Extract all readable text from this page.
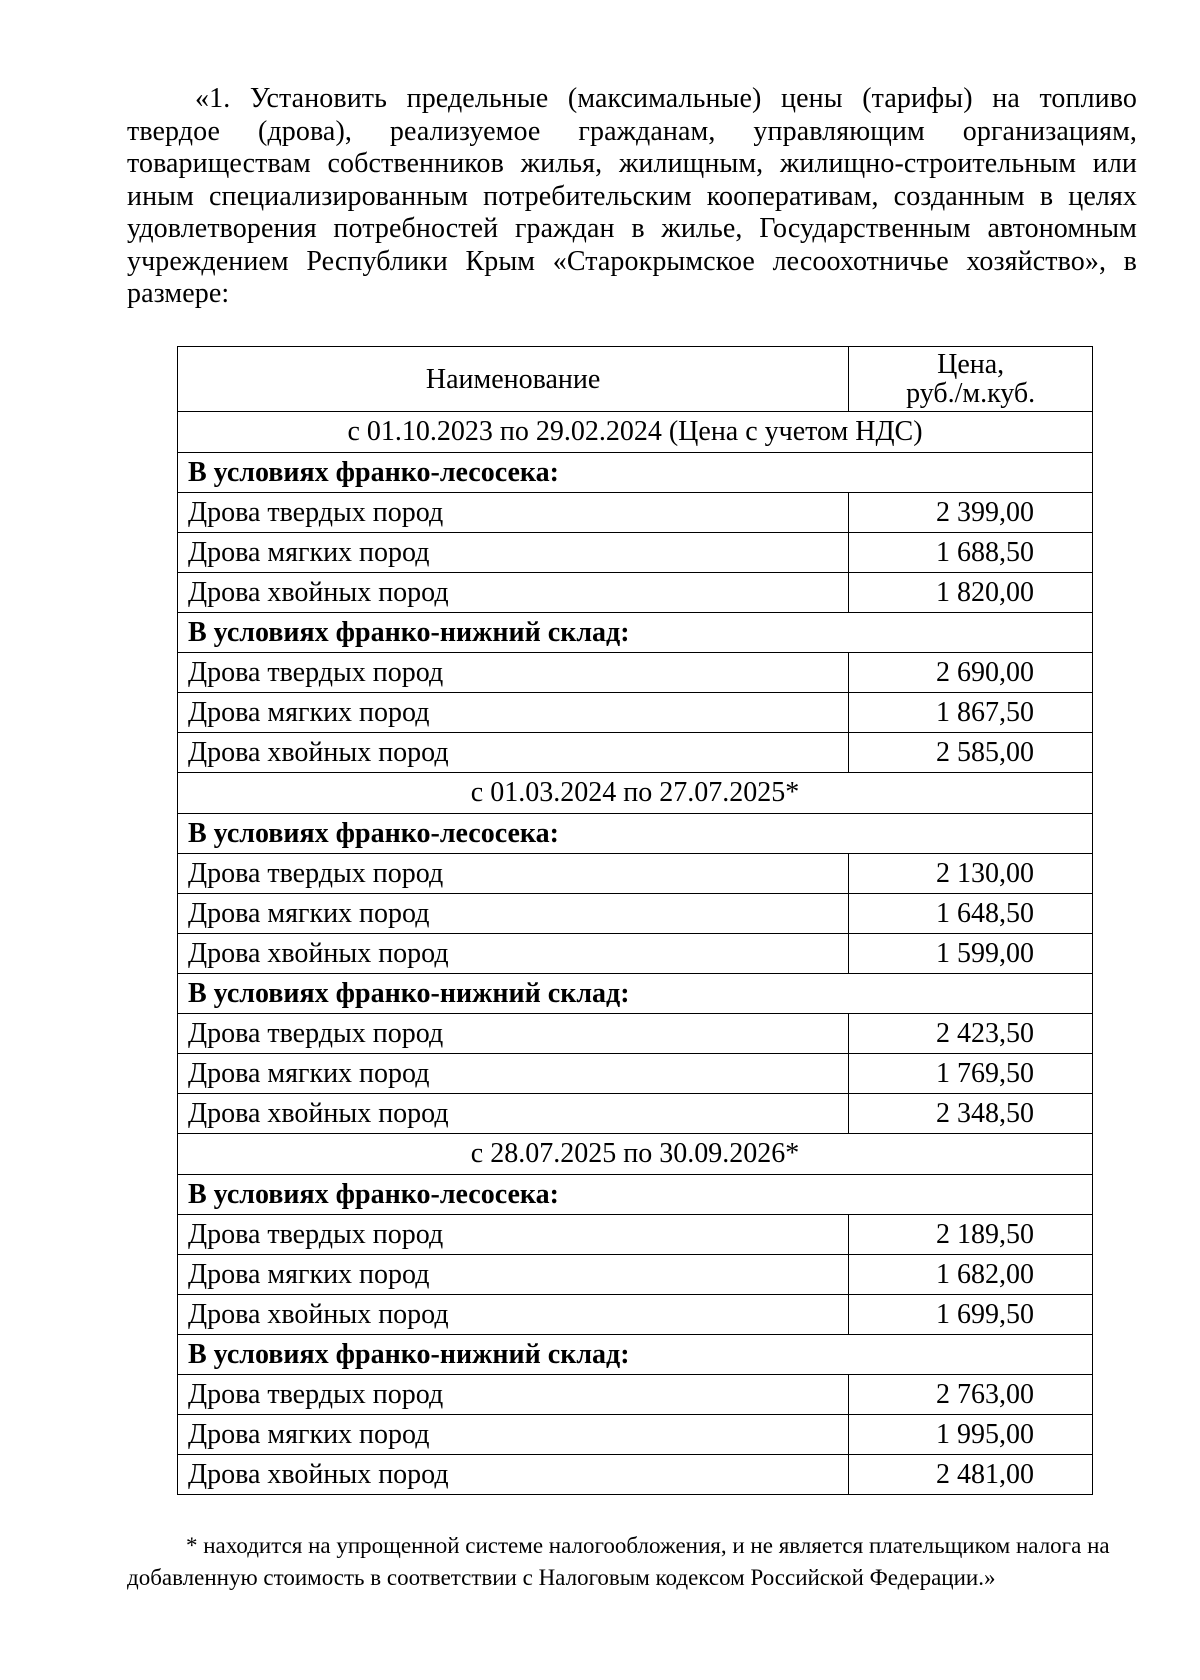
«1. Установить предельные (максимальные) цены (тарифы) на топливо твердое (дрова), реализуемое гражданам, управляющим организациям, товариществам собственников жилья, жилищным, жилищно-строительным или иным специализированным потребительским кооперативам, созданным в целях удовлетворения потребностей граждан в жилье, Государственным автономным учреждением Республики Крым «Старокрымское лесоохотничье хозяйство», в размере:
Наименование	Цена,
руб./м.куб.

с 01.10.2023 по 29.02.2024 (Цена с учетом НДС)	
В условиях франко-лесосека:	
Дрова твердых пород	2 399,00
Дрова мягких пород	1 688,50
Дрова хвойных пород	1 820,00
В условиях франко-нижний склад:	
Дрова твердых пород	2 690,00
Дрова мягких пород	1 867,50
Дрова хвойных пород	2 585,00
с 01.03.2024 по 27.07.2025*	
В условиях франко-лесосека:	
Дрова твердых пород	2 130,00
Дрова мягких пород	1 648,50
Дрова хвойных пород	1 599,00
В условиях франко-нижний склад:	
Дрова твердых пород	2 423,50
Дрова мягких пород	1 769,50
Дрова хвойных пород	2 348,50
с 28.07.2025 по 30.09.2026*	
В условиях франко-лесосека:	
Дрова твердых пород	2 189,50
Дрова мягких пород	1 682,00
Дрова хвойных пород	1 699,50
В условиях франко-нижний склад:	
Дрова твердых пород	2 763,00
Дрова мягких пород	1 995,00
Дрова хвойных пород	2 481,00
* находится на упрощенной системе налогообложения, и не является плательщиком налога на добавленную стоимость в соответствии с Налоговым кодексом Российской Федерации.»
